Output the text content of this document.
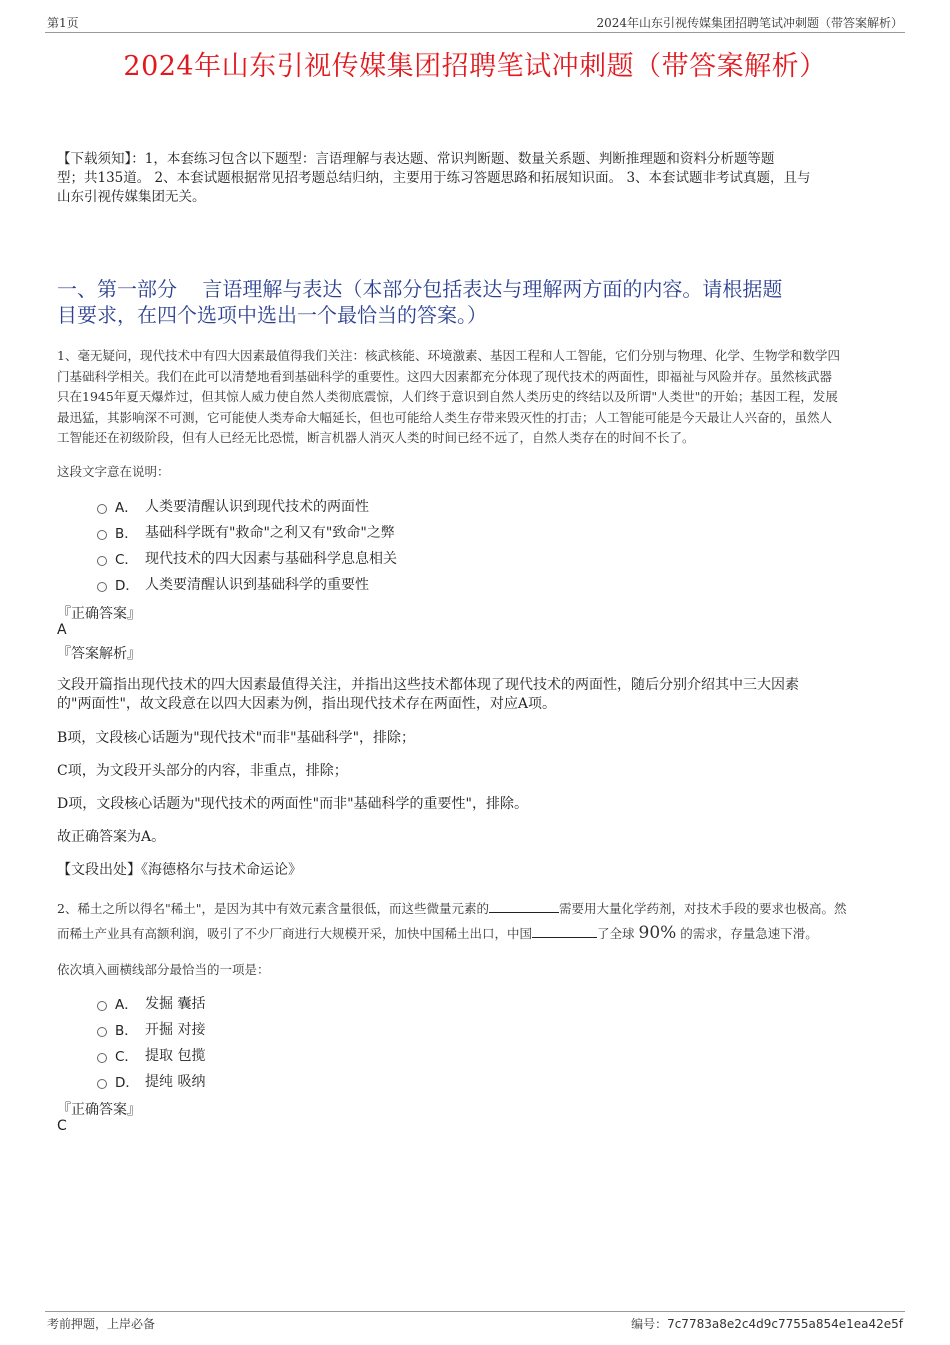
第1页	2024年山东引视传媒集团招聘笔试冲刺题（带答案解析）
2024年山东引视传媒集团招聘笔试冲刺题（带答案解析）
【下载须知】：1，本套练习包含以下题型：言语理解与表达题、常识判断题、数量关系题、判断推理题和资料分析题等题
型；共135道。 2、本套试题根据常见招考题总结归纳，主要用于练习答题思路和拓展知识面。 3、本套试题非考试真题，且与
山东引视传媒集团无关。
一、第一部分    言语理解与表达（本部分包括表达与理解两方面的内容。请根据题
目要求，在四个选项中选出一个最恰当的答案。）
1、毫无疑问，现代技术中有四大因素最值得我们关注：核武核能、环境激素、基因工程和人工智能，它们分别与物理、化学、生物学和数学四
门基础科学相关。我们在此可以清楚地看到基础科学的重要性。这四大因素都充分体现了现代技术的两面性，即福祉与风险并存。虽然核武器
只在1945年夏天爆炸过，但其惊人威力使自然人类彻底震惊，人们终于意识到自然人类历史的终结以及所谓"人类世"的开始；基因工程，发展
最迅猛，其影响深不可测，它可能使人类寿命大幅延长，但也可能给人类生存带来毁灭性的打击；人工智能可能是今天最让人兴奋的，虽然人
工智能还在初级阶段，但有人已经无比恐慌，断言机器人消灭人类的时间已经不远了，自然人类存在的时间不长了。
这段文字意在说明：
A． 人类要清醒认识到现代技术的两面性
B． 基础科学既有"救命"之利又有"致命"之弊
C． 现代技术的四大因素与基础科学息息相关
D． 人类要清醒认识到基础科学的重要性
『正确答案』
A
『答案解析』
文段开篇指出现代技术的四大因素最值得关注，并指出这些技术都体现了现代技术的两面性，随后分别介绍其中三大因素
的"两面性"，故文段意在以四大因素为例，指出现代技术存在两面性，对应A项。
B项，文段核心话题为"现代技术"而非"基础科学"，排除；
C项，为文段开头部分的内容，非重点，排除；
D项，文段核心话题为"现代技术的两面性"而非"基础科学的重要性"，排除。
故正确答案为A。
【文段出处】《海德格尔与技术命运论》
2、稀土之所以得名"稀土"，是因为其中有效元素含量很低，而这些微量元素的	需要用大量化学药剂，对技术手段的要求也极高。然
而稀土产业具有高额利润，吸引了不少厂商进行大规模开采，加快中国稀土出口，中国	了全球 90% 的需求，存量急速下滑。
依次填入画横线部分最恰当的一项是：
A． 发掘 囊括
B． 开掘 对接
C． 提取 包揽
D． 提纯 吸纳
『正确答案』
C
考前押题，上岸必备	编号：7c7783a8e2c4d9c7755a854e1ea42e5f
